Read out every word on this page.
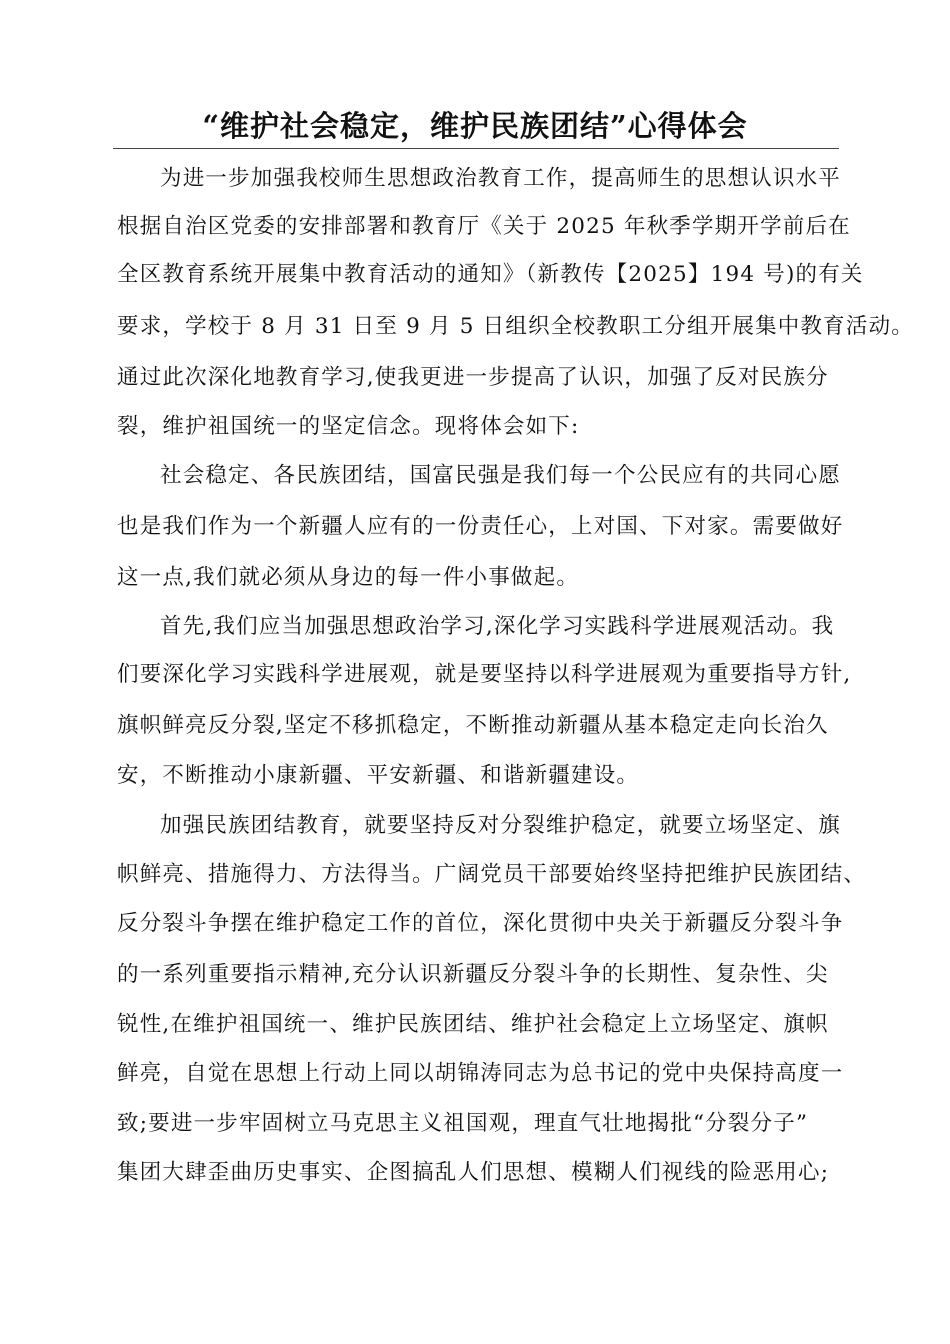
“维护社会稳定，维护民族团结”心得体会
为进一步加强我校师生思想政治教育工作，提高师生的思想认识水平
根据自治区党委的安排部署和教育厅《关于 2025 年秋季学期开学前后在
全区教育系统开展集中教育活动的通知》（新教传【2025】194 号)的有关
要求，学校于 8 月 31 日至 9 月 5 日组织全校教职工分组开展集中教育活动。
通过此次深化地教育学习,使我更进一步提高了认识，加强了反对民族分
裂，维护祖国统一的坚定信念。现将体会如下:
社会稳定、各民族团结，国富民强是我们每一个公民应有的共同心愿
也是我们作为一个新疆人应有的一份责任心，上对国、下对家。需要做好
这一点,我们就必须从身边的每一件小事做起。
首先,我们应当加强思想政治学习,深化学习实践科学进展观活动。我
们要深化学习实践科学进展观，就是要坚持以科学进展观为重要指导方针,
旗帜鲜亮反分裂,坚定不移抓稳定，不断推动新疆从基本稳定走向长治久
安，不断推动小康新疆、平安新疆、和谐新疆建设。
加强民族团结教育，就要坚持反对分裂维护稳定，就要立场坚定、旗
帜鲜亮、措施得力、方法得当。广阔党员干部要始终坚持把维护民族团结、
反分裂斗争摆在维护稳定工作的首位，深化贯彻中央关于新疆反分裂斗争
的一系列重要指示精神,充分认识新疆反分裂斗争的长期性、复杂性、尖
锐性,在维护祖国统一、维护民族团结、维护社会稳定上立场坚定、旗帜
鲜亮，自觉在思想上行动上同以胡锦涛同志为总书记的党中央保持高度一
致;要进一步牢固树立马克思主义祖国观，理直气壮地揭批“分裂分子”
集团大肆歪曲历史事实、企图搞乱人们思想、模糊人们视线的险恶用心;
